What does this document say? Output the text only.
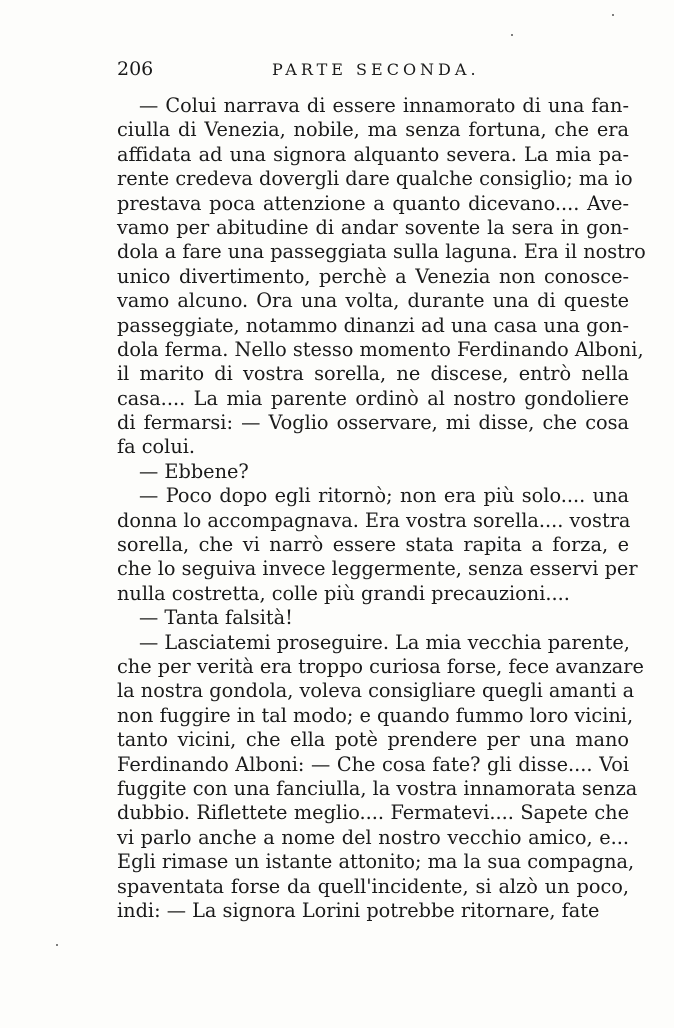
206	PARTE SECONDA.
— Colui narrava di essere innamorato di una fan-
ciulla di Venezia, nobile, ma senza fortuna, che era
affidata ad una signora alquanto severa. La mia pa-
rente credeva dovergli dare qualche consiglio; ma io
prestava poca attenzione a quanto dicevano.... Ave-
vamo per abitudine di andar sovente la sera in gon-
dola a fare una passeggiata sulla laguna. Era il nostro
unico divertimento, perchè a Venezia non conosce-
vamo alcuno. Ora una volta, durante una di queste
passeggiate, notammo dinanzi ad una casa una gon-
dola ferma. Nello stesso momento Ferdinando Alboni,
il marito di vostra sorella, ne discese, entrò nella
casa.... La mia parente ordinò al nostro gondoliere
di fermarsi: — Voglio osservare, mi disse, che cosa
fa colui.
— Ebbene?
— Poco dopo egli ritornò; non era più solo.... una
donna lo accompagnava. Era vostra sorella.... vostra
sorella, che vi narrò essere stata rapita a forza, e
che lo seguiva invece leggermente, senza esservi per
nulla costretta, colle più grandi precauzioni....
— Tanta falsità!
— Lasciatemi proseguire. La mia vecchia parente,
che per verità era troppo curiosa forse, fece avanzare
la nostra gondola, voleva consigliare quegli amanti a
non fuggire in tal modo; e quando fummo loro vicini,
tanto vicini, che ella potè prendere per una mano
Ferdinando Alboni: — Che cosa fate? gli disse.... Voi
fuggite con una fanciulla, la vostra innamorata senza
dubbio. Riflettete meglio.... Fermatevi.... Sapete che
vi parlo anche a nome del nostro vecchio amico, e...
Egli rimase un istante attonito; ma la sua compagna,
spaventata forse da quell'incidente, si alzò un poco,
indi: — La signora Lorini potrebbe ritornare, fate
